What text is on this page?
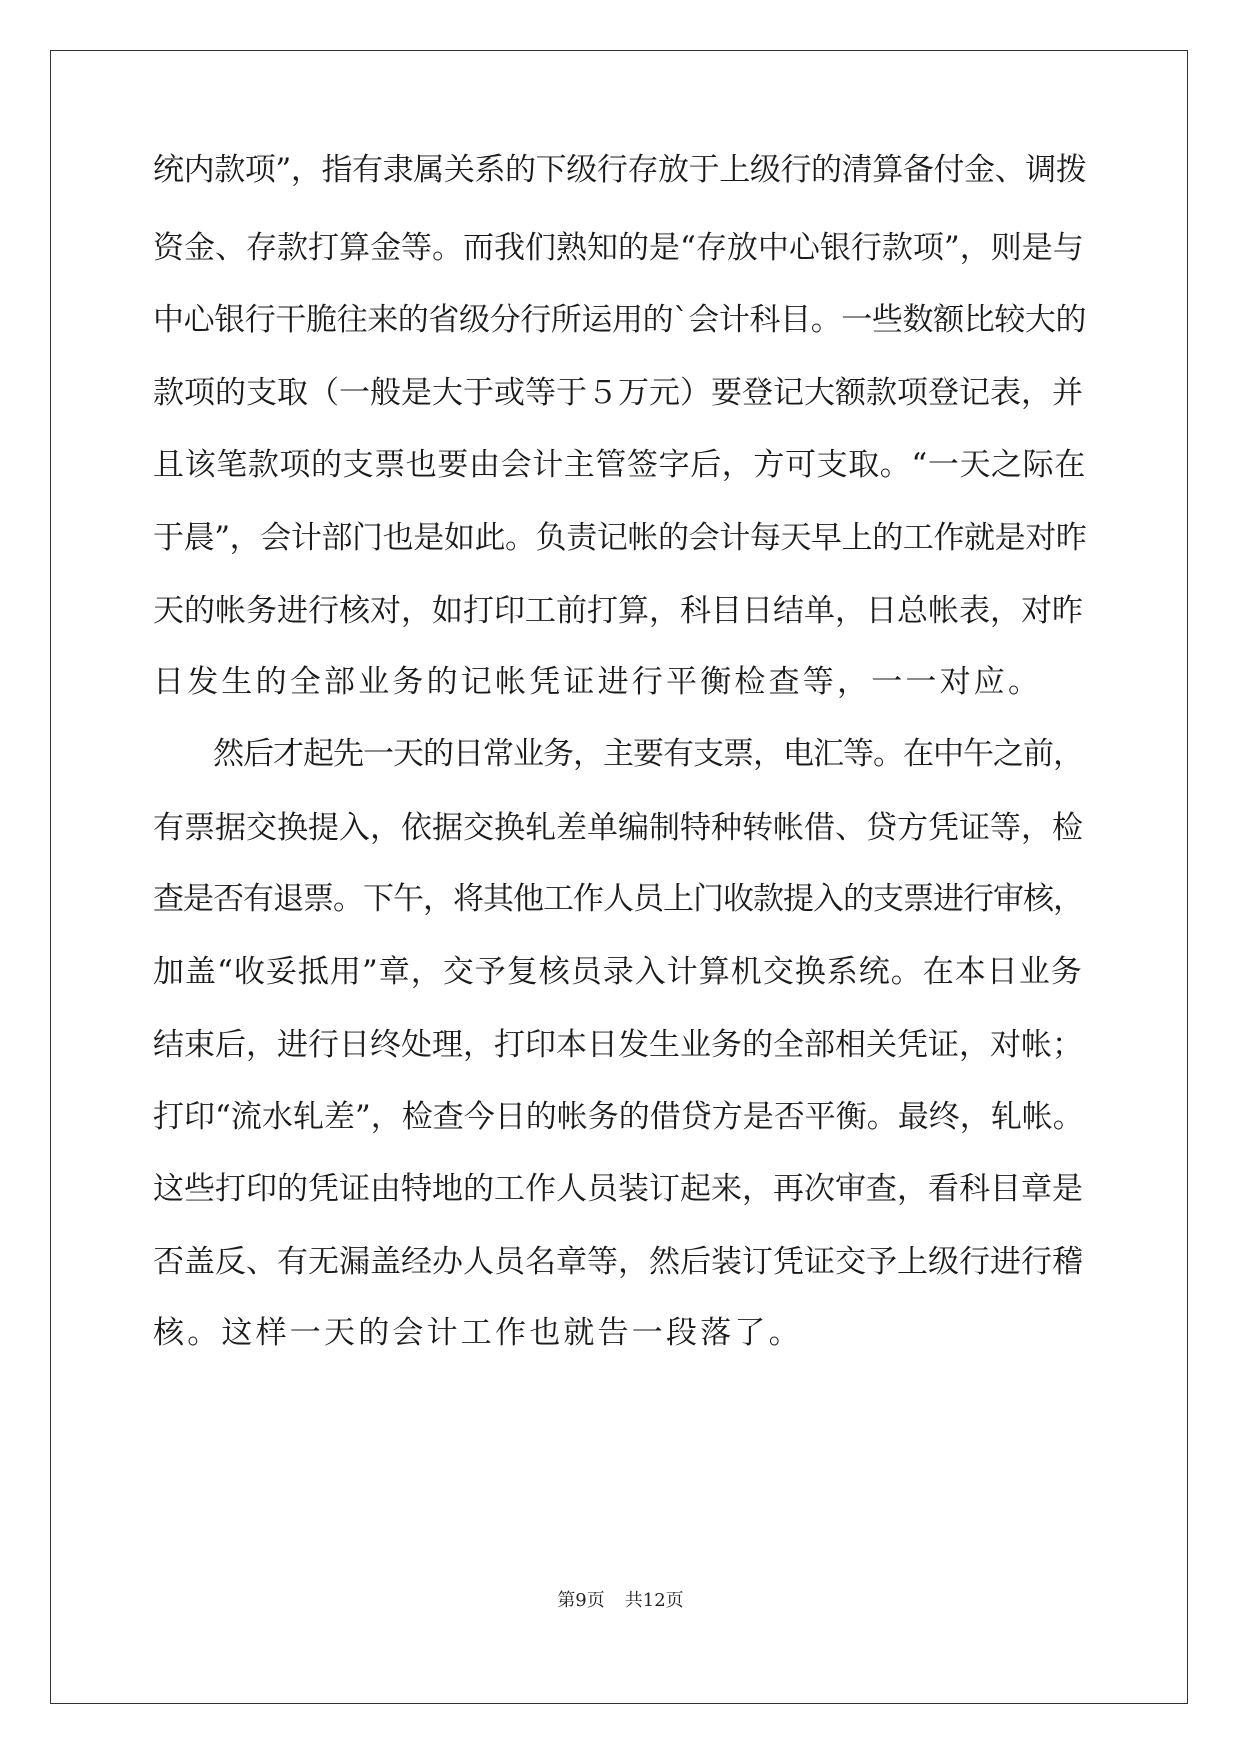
统内款项”，指有隶属关系的下级行存放于上级行的清算备付金、调拨
资金、存款打算金等。而我们熟知的是“存放中心银行款项”，则是与
中心银行干脆往来的省级分行所运用的`会计科目。一些数额比较大的
款项的支取（一般是大于或等于５万元）要登记大额款项登记表，并
且该笔款项的支票也要由会计主管签字后，方可支取。“一天之际在
于晨”，会计部门也是如此。负责记帐的会计每天早上的工作就是对昨
天的帐务进行核对，如打印工前打算，科目日结单，日总帐表，对昨
日发生的全部业务的记帐凭证进行平衡检查等，一一对应。
　　然后才起先一天的日常业务，主要有支票，电汇等。在中午之前，
有票据交换提入，依据交换轧差单编制特种转帐借、贷方凭证等，检
查是否有退票。下午，将其他工作人员上门收款提入的支票进行审核，
加盖“收妥抵用”章，交予复核员录入计算机交换系统。在本日业务
结束后，进行日终处理，打印本日发生业务的全部相关凭证，对帐；
打印“流水轧差”，检查今日的帐务的借贷方是否平衡。最终，轧帐。
这些打印的凭证由特地的工作人员装订起来，再次审查，看科目章是
否盖反、有无漏盖经办人员名章等，然后装订凭证交予上级行进行稽
核。这样一天的会计工作也就告一段落了。
第9页 共12页
